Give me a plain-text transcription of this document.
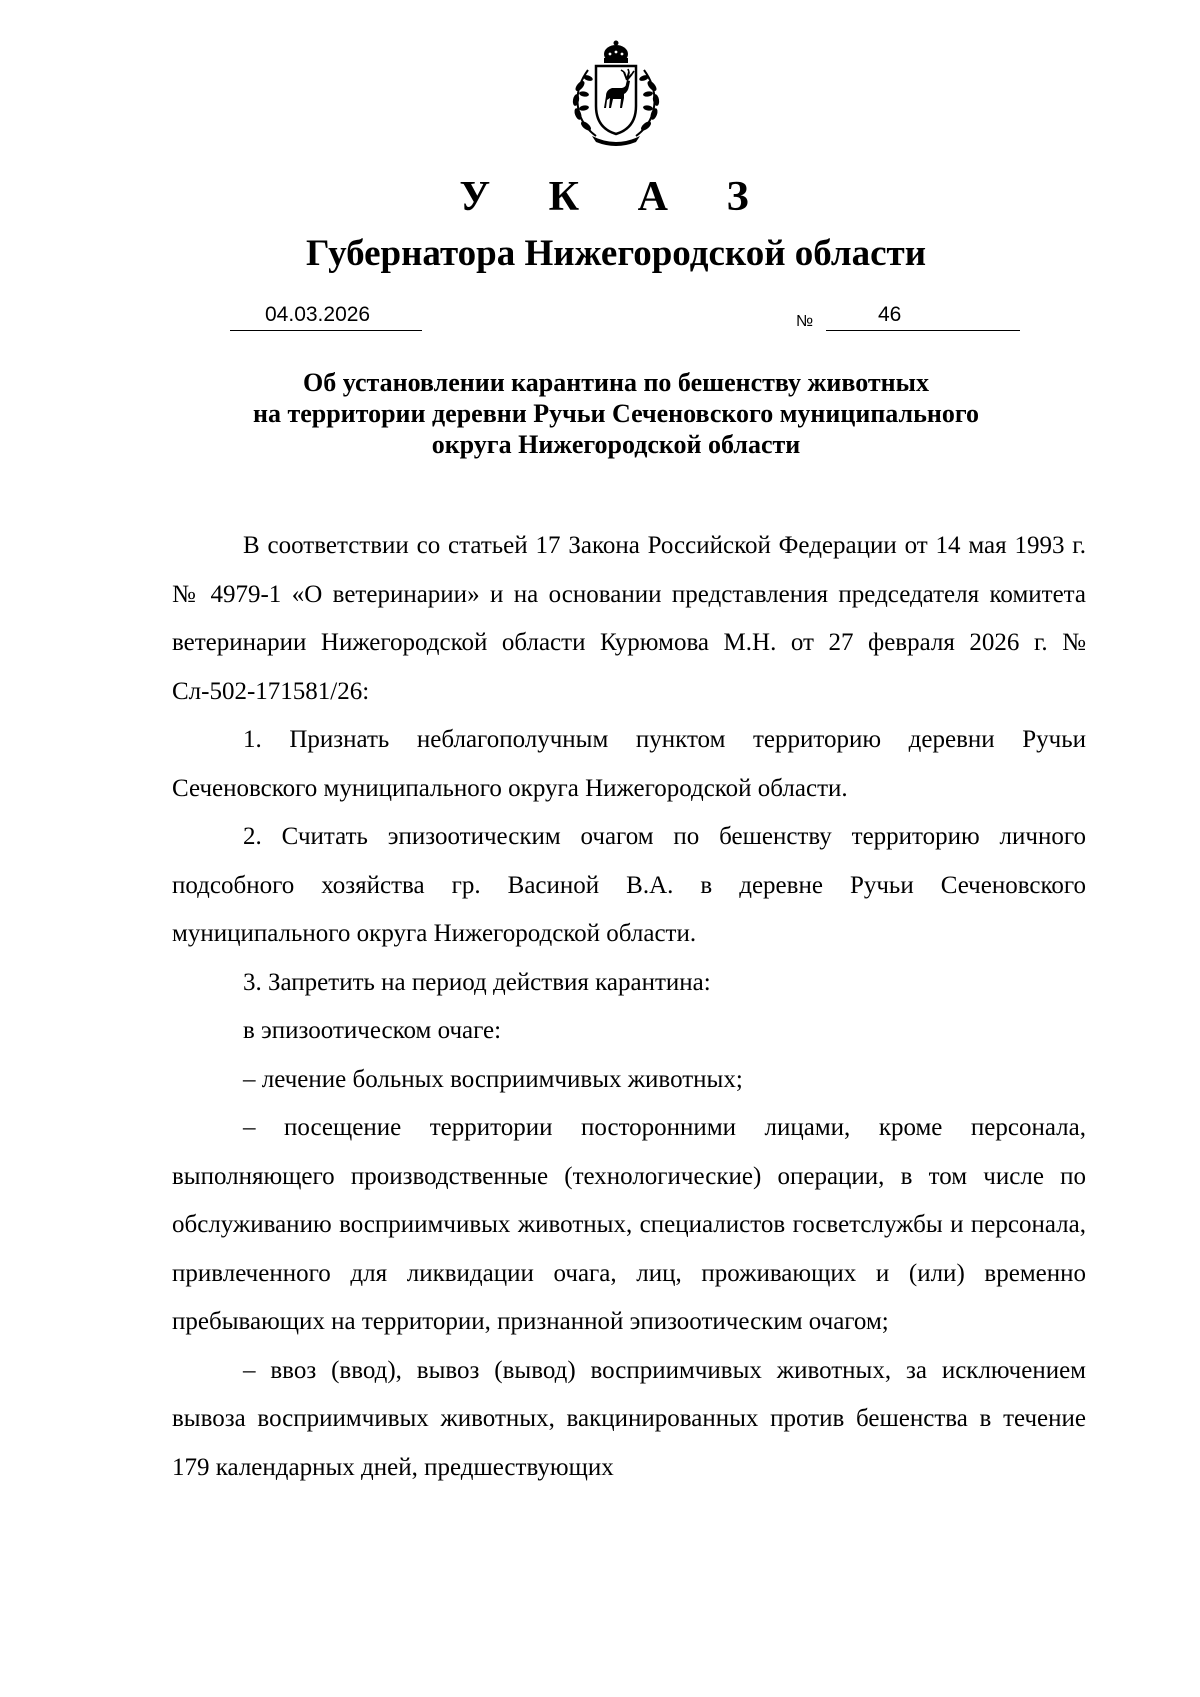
У К А З
Губернатора Нижегородской области
04.03.2026	№	46
Об установлении карантина по бешенству животных
на территории деревни Ручьи Сеченовского муниципального
округа Нижегородской области

В соответствии со статьей 17 Закона Российской Федерации от 14 мая 1993 г. № 4979-1 «О ветеринарии» и на основании представления председателя комитета ветеринарии Нижегородской области Курюмова М.Н. от 27 февраля 2026 г. № Сл-502-171581/26:

1. Признать неблагополучным пунктом территорию деревни Ручьи Сеченовского муниципального округа Нижегородской области.

2. Считать эпизоотическим очагом по бешенству территорию личного подсобного хозяйства гр. Васиной В.А. в деревне Ручьи Сеченовского муниципального округа Нижегородской области.

3. Запретить на период действия карантина:

в эпизоотическом очаге:

– лечение больных восприимчивых животных;

– посещение территории посторонними лицами, кроме персонала, выполняющего производственные (технологические) операции, в том числе по обслуживанию восприимчивых животных, специалистов госветслужбы и персонала, привлеченного для ликвидации очага, лиц, проживающих и (или) временно пребывающих на территории, признанной эпизоотическим очагом;

– ввоз (ввод), вывоз (вывод) восприимчивых животных, за исключением вывоза восприимчивых животных, вакцинированных против бешенства в течение 179 календарных дней, предшествующих
